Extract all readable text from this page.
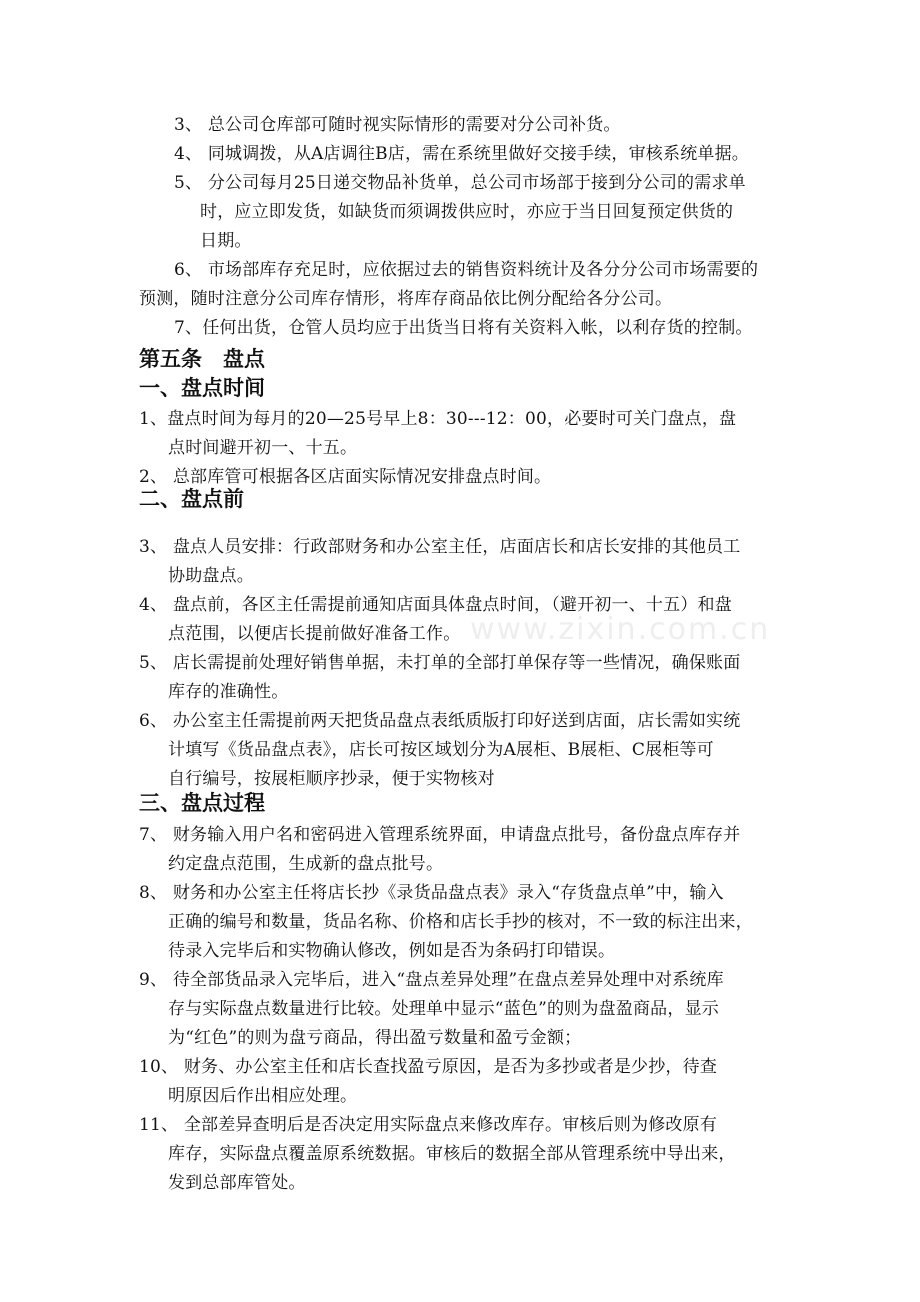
www.zixin.com.cn
3、 总公司仓库部可随时视实际情形的需要对分公司补货。
4、 同城调拨，从A店调往B店，需在系统里做好交接手续，审核系统单据。
5、 分公司每月25日递交物品补货单，总公司市场部于接到分公司的需求单
时，应立即发货，如缺货而须调拨供应时，亦应于当日回复预定供货的
日期。
6、 市场部库存充足时，应依据过去的销售资料统计及各分分公司市场需要的
预测，随时注意分公司库存情形，将库存商品依比例分配给各分公司。
7、任何出货，仓管人员均应于出货当日将有关资料入帐，以利存货的控制。
第五条　盘点
一、盘点时间
1、盘点时间为每月的20—25号早上8：30---12：00，必要时可关门盘点，盘
点时间避开初一、十五。
2、 总部库管可根据各区店面实际情况安排盘点时间。
二、盘点前
3、 盘点人员安排：行政部财务和办公室主任，店面店长和店长安排的其他员工
协助盘点。
4、 盘点前，各区主任需提前通知店面具体盘点时间，（避开初一、十五）和盘
点范围，以便店长提前做好准备工作。
5、 店长需提前处理好销售单据，未打单的全部打单保存等一些情况，确保账面
库存的准确性。
6、 办公室主任需提前两天把货品盘点表纸质版打印好送到店面，店长需如实统
计填写《货品盘点表》，店长可按区域划分为A展柜、B展柜、C展柜等可
自行编号，按展柜顺序抄录，便于实物核对
三、盘点过程
7、 财务输入用户名和密码进入管理系统界面，申请盘点批号，备份盘点库存并
约定盘点范围，生成新的盘点批号。
8、 财务和办公室主任将店长抄《录货品盘点表》录入“存货盘点单”中，输入
正确的编号和数量，货品名称、价格和店长手抄的核对，不一致的标注出来，
待录入完毕后和实物确认修改，例如是否为条码打印错误。
9、 待全部货品录入完毕后，进入“盘点差异处理”在盘点差异处理中对系统库
存与实际盘点数量进行比较。处理单中显示“蓝色”的则为盘盈商品，显示
为“红色”的则为盘亏商品，得出盈亏数量和盈亏金额；
10、 财务、办公室主任和店长查找盈亏原因，是否为多抄或者是少抄，待查
明原因后作出相应处理。
11、 全部差异查明后是否决定用实际盘点来修改库存。审核后则为修改原有
库存，实际盘点覆盖原系统数据。审核后的数据全部从管理系统中导出来，
发到总部库管处。
